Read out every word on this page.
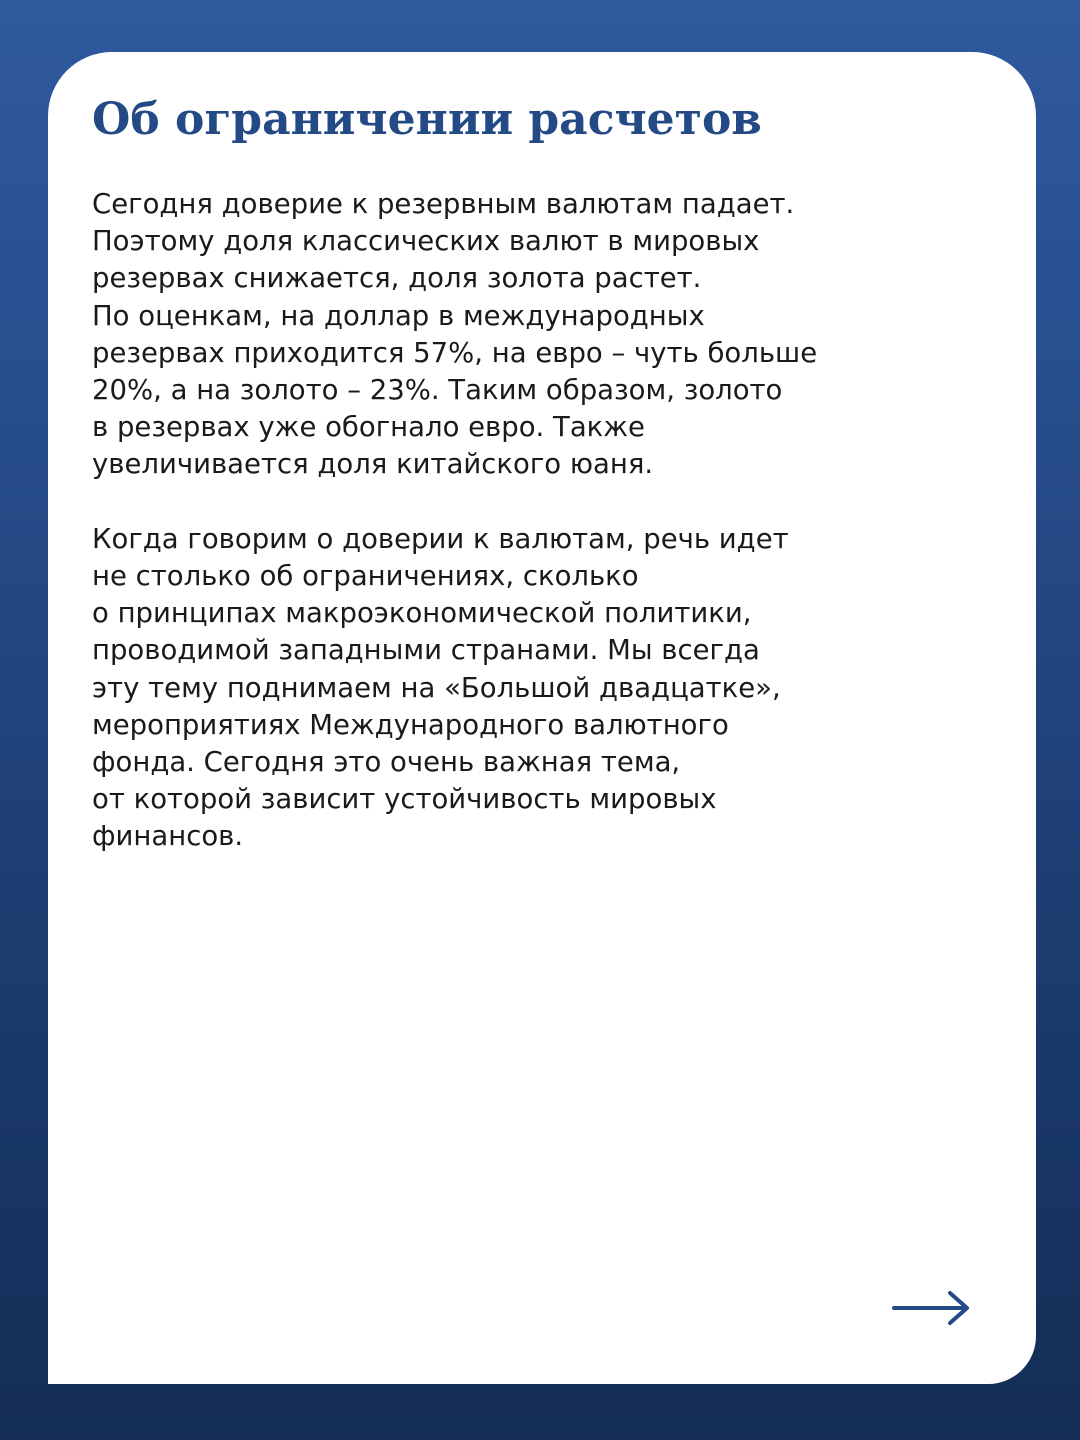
Об ограничении расчетов
Сегодня доверие к резервным валютам падает.
Поэтому доля классических валют в мировых
резервах снижается, доля золота растет.
По оценкам, на доллар в международных
резервах приходится 57%, на евро – чуть больше
20%, а на золото – 23%. Таким образом, золото
в резервах уже обогнало евро. Также
увеличивается доля китайского юаня.
Когда говорим о доверии к валютам, речь идет
не столько об ограничениях, сколько
о принципах макроэкономической политики,
проводимой западными странами. Мы всегда
эту тему поднимаем на «Большой двадцатке»,
мероприятиях Международного валютного
фонда. Сегодня это очень важная тема,
от которой зависит устойчивость мировых
финансов.
